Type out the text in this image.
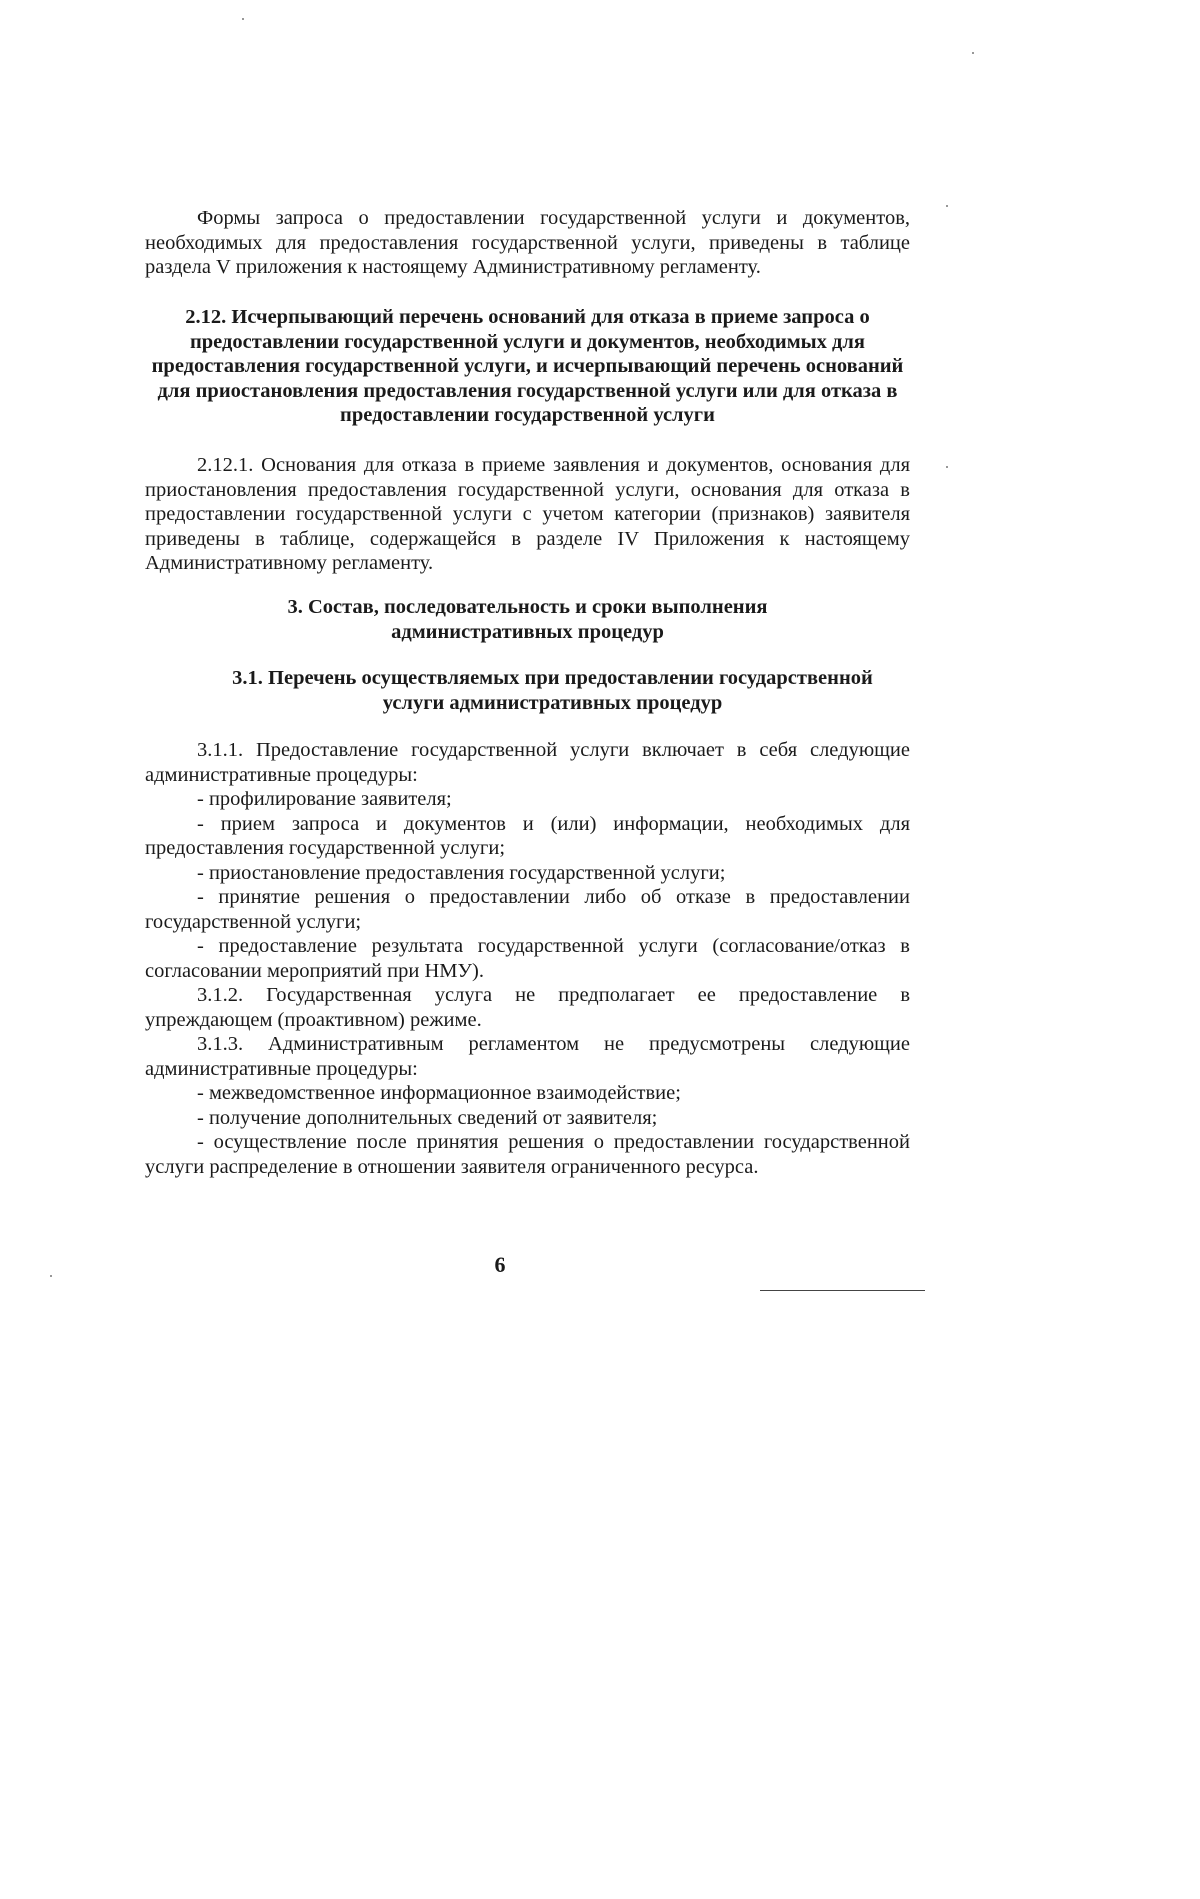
Формы запроса о предоставлении государственной услуги и документов, необходимых для предоставления государственной услуги, приведены в таблице раздела V приложения к настоящему Административному регламенту.

2.12. Исчерпывающий перечень оснований для отказа в приеме запроса о предоставлении государственной услуги и документов, необходимых для предоставления государственной услуги, и исчерпывающий перечень оснований для приостановления предоставления государственной услуги или для отказа в предоставлении государственной услуги

2.12.1. Основания для отказа в приеме заявления и документов, основания для приостановления предоставления государственной услуги, основания для отказа в предоставлении государственной услуги с учетом категории (признаков) заявителя приведены в таблице, содержащейся в разделе IV Приложения к настоящему Административному регламенту.

3. Состав, последовательность и сроки выполнения административных процедур

3.1. Перечень осуществляемых при предоставлении государственной услуги административных процедур

3.1.1. Предоставление государственной услуги включает в себя следующие административные процедуры:

- профилирование заявителя;

- прием запроса и документов и (или) информации, необходимых для предоставления государственной услуги;

- приостановление предоставления государственной услуги;

- принятие решения о предоставлении либо об отказе в предоставлении государственной услуги;

- предоставление результата государственной услуги (согласование/отказ в согласовании мероприятий при НМУ).

3.1.2. Государственная услуга не предполагает ее предоставление в упреждающем (проактивном) режиме.

3.1.3. Административным регламентом не предусмотрены следующие административные процедуры:

- межведомственное информационное взаимодействие;

- получение дополнительных сведений от заявителя;

- осуществление после принятия решения о предоставлении государственной услуги распределение в отношении заявителя ограниченного ресурса.

6
